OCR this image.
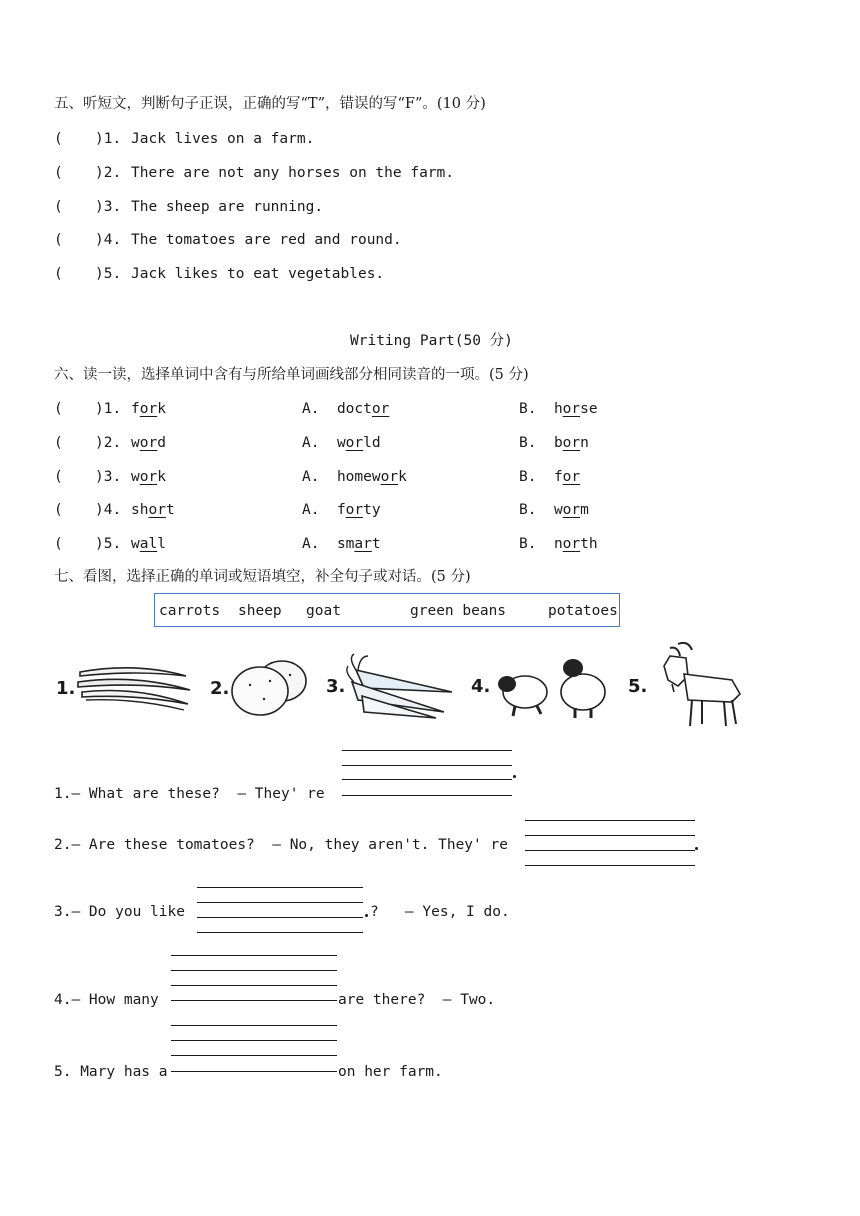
五、听短文，判断句子正误，正确的写“T”，错误的写“F”。(10 分)
( )1. Jack lives on a farm.
( )2. There are not any horses on the farm.
( )3. The sheep are running.
( )4. The tomatoes are red and round.
( )5. Jack likes to eat vegetables.
Writing Part(50 分)
六、读一读，选择单词中含有与所给单词画线部分相同读音的一项。(5 分)
( )1. fork	A. doctor	B. horse
( )2. word	A. world	B. born
( )3. work	A. homework	B. for
( )4. short	A. forty	B. worm
( )5. wall	A. smart	B. north
七、看图，选择正确的单词或短语填空，补全句子或对话。(5 分)
carrots sheep goat	green beans	potatoes
1.	2.	3.	4.	5.
1.— What are these?  — They' re
2.— Are these tomatoes?  — No, they aren't. They' re
3.— Do you like	?   — Yes, I do.
4.— How many	are there?  — Two.
5. Mary has a	on her farm.
